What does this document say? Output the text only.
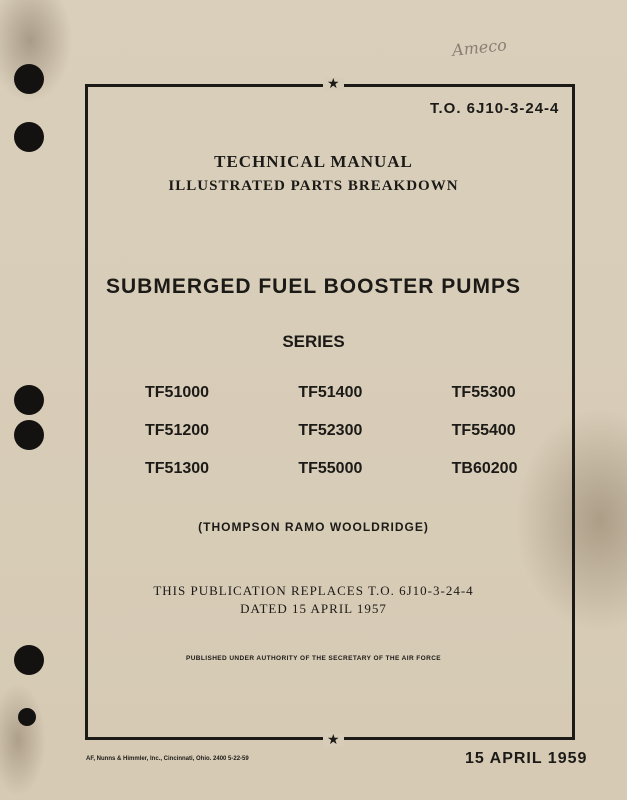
Ameco
★
★
T.O. 6J10-3-24-4
TECHNICAL MANUAL
ILLUSTRATED PARTS BREAKDOWN
SUBMERGED FUEL BOOSTER PUMPS
SERIES
TF51000	TF51400	TF55300
TF51200	TF52300	TF55400
TF51300	TF55000	TB60200
(THOMPSON RAMO WOOLDRIDGE)
THIS PUBLICATION REPLACES T.O. 6J10-3-24-4
DATED 15 APRIL 1957
PUBLISHED UNDER AUTHORITY OF THE SECRETARY OF THE AIR FORCE
AF, Nunns & Himmler, Inc., Cincinnati, Ohio. 2400 5-22-59	15 APRIL 1959
